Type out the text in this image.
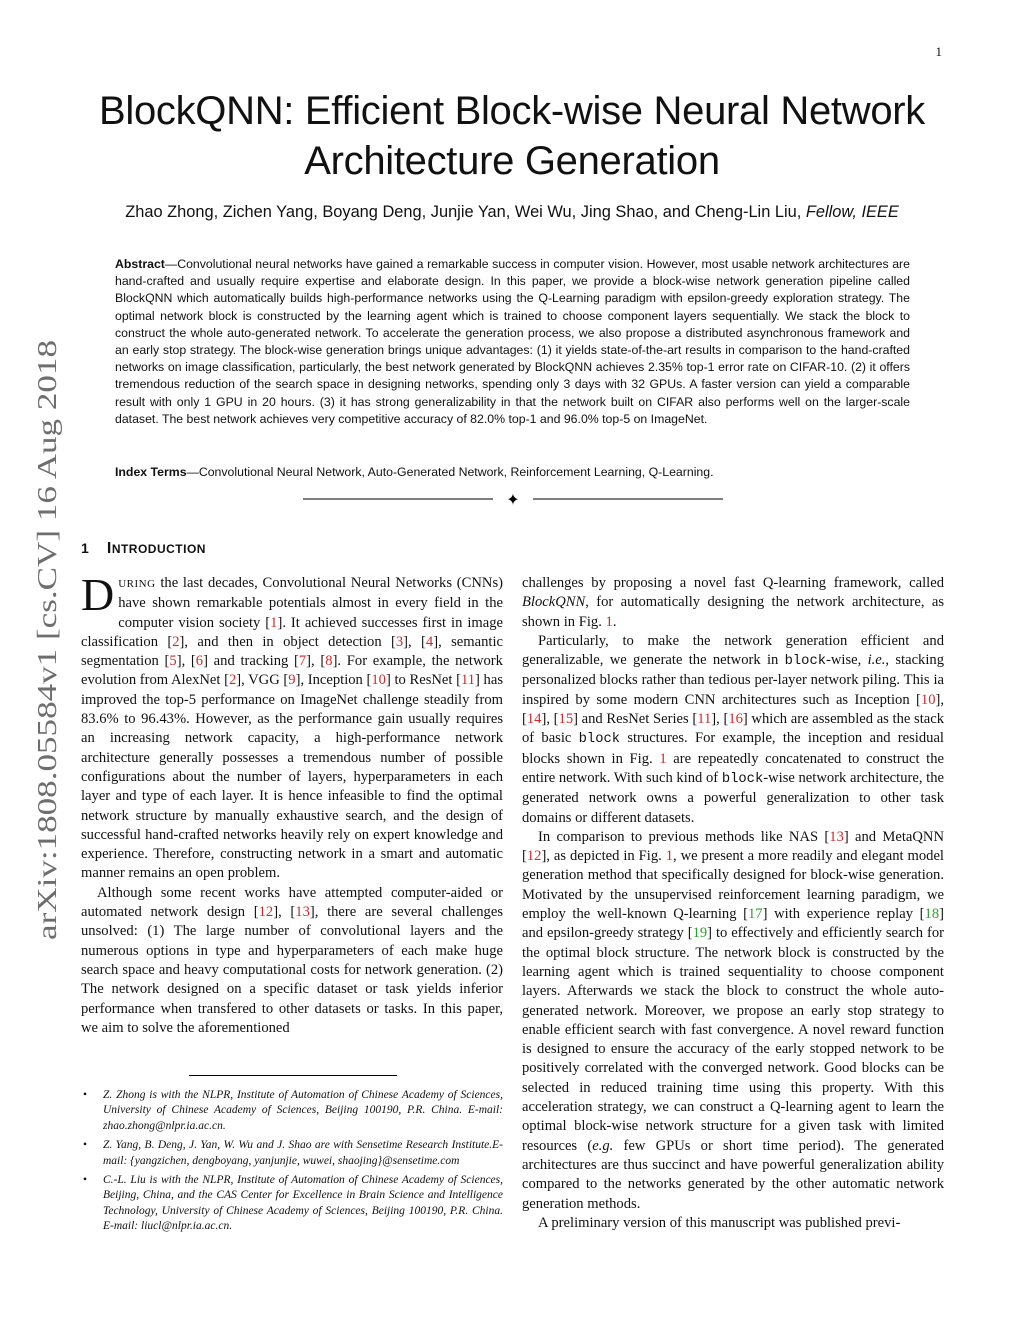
1
arXiv:1808.05584v1 [cs.CV] 16 Aug 2018
BlockQNN: Efficient Block-wise Neural Network
Architecture Generation
Zhao Zhong, Zichen Yang, Boyang Deng, Junjie Yan, Wei Wu, Jing Shao, and Cheng-Lin Liu, Fellow, IEEE
Abstract—Convolutional neural networks have gained a remarkable success in computer vision. However, most usable network architectures are hand-crafted and usually require expertise and elaborate design. In this paper, we provide a block-wise network generation pipeline called BlockQNN which automatically builds high-performance networks using the Q-Learning paradigm with epsilon-greedy exploration strategy. The optimal network block is constructed by the learning agent which is trained to choose component layers sequentially. We stack the block to construct the whole auto-generated network. To accelerate the generation process, we also propose a distributed asynchronous framework and an early stop strategy. The block-wise generation brings unique advantages: (1) it yields state-of-the-art results in comparison to the hand-crafted networks on image classification, particularly, the best network generated by BlockQNN achieves 2.35% top-1 error rate on CIFAR-10. (2) it offers tremendous reduction of the search space in designing networks, spending only 3 days with 32 GPUs. A faster version can yield a comparable result with only 1 GPU in 20 hours. (3) it has strong generalizability in that the network built on CIFAR also performs well on the larger-scale dataset. The best network achieves very competitive accuracy of 82.0% top-1 and 96.0% top-5 on ImageNet.
Index Terms—Convolutional Neural Network, Auto-Generated Network, Reinforcement Learning, Q-Learning.
✦
1 INTRODUCTION

DURING the last decades, Convolutional Neural Networks (CNNs) have shown remarkable potentials almost in every field in the computer vision society [1]. It achieved successes first in image classification [2], and then in object detection [3], [4], semantic segmentation [5], [6] and tracking [7], [8]. For example, the network evolution from AlexNet [2], VGG [9], Inception [10] to ResNet [11] has improved the top-5 performance on ImageNet challenge steadily from 83.6% to 96.43%. However, as the performance gain usually requires an increasing network capacity, a high-performance network architecture generally possesses a tremendous number of possible configurations about the number of layers, hyperparameters in each layer and type of each layer. It is hence infeasible to find the optimal network structure by manually exhaustive search, and the design of successful hand-crafted networks heavily rely on expert knowledge and experience. Therefore, constructing network in a smart and automatic manner remains an open problem.

Although some recent works have attempted computer-aided or automated network design [12], [13], there are several challenges unsolved: (1) The large number of convolutional layers and the numerous options in type and hyperparameters of each make huge search space and heavy computational costs for network generation. (2) The network designed on a specific dataset or task yields inferior performance when transfered to other datasets or tasks. In this paper, we aim to solve the aforementioned

• Z. Zhong is with the NLPR, Institute of Automation of Chinese Academy of Sciences, University of Chinese Academy of Sciences, Beijing 100190, P.R. China. E-mail: zhao.zhong@nlpr.ia.ac.cn.
• Z. Yang, B. Deng, J. Yan, W. Wu and J. Shao are with Sensetime Research Institute.E-mail: {yangzichen, dengboyang, yanjunjie, wuwei, shaojing}@sensetime.com
• C.-L. Liu is with the NLPR, Institute of Automation of Chinese Academy of Sciences, Beijing, China, and the CAS Center for Excellence in Brain Science and Intelligence Technology, University of Chinese Academy of Sciences, Beijing 100190, P.R. China. E-mail: liucl@nlpr.ia.ac.cn.

challenges by proposing a novel fast Q-learning framework, called BlockQNN, for automatically designing the network architecture, as shown in Fig. 1.

Particularly, to make the network generation efficient and generalizable, we generate the network in block-wise, i.e., stacking personalized blocks rather than tedious per-layer network piling. This ia inspired by some modern CNN architectures such as Inception [10], [14], [15] and ResNet Series [11], [16] which are assembled as the stack of basic block structures. For example, the inception and residual blocks shown in Fig. 1 are repeatedly concatenated to construct the entire network. With such kind of block-wise network architecture, the generated network owns a powerful generalization to other task domains or different datasets.

In comparison to previous methods like NAS [13] and MetaQNN [12], as depicted in Fig. 1, we present a more readily and elegant model generation method that specifically designed for block-wise generation. Motivated by the unsupervised reinforcement learning paradigm, we employ the well-known Q-learning [17] with experience replay [18] and epsilon-greedy strategy [19] to effectively and efficiently search for the optimal block structure. The network block is constructed by the learning agent which is trained sequentiality to choose component layers. Afterwards we stack the block to construct the whole auto-generated network. Moreover, we propose an early stop strategy to enable efficient search with fast convergence. A novel reward function is designed to ensure the accuracy of the early stopped network to be positively correlated with the converged network. Good blocks can be selected in reduced training time using this property. With this acceleration strategy, we can construct a Q-learning agent to learn the optimal block-wise network structure for a given task with limited resources (e.g. few GPUs or short time period). The generated architectures are thus succinct and have powerful generalization ability compared to the networks generated by the other automatic network generation methods.

A preliminary version of this manuscript was published previ-
